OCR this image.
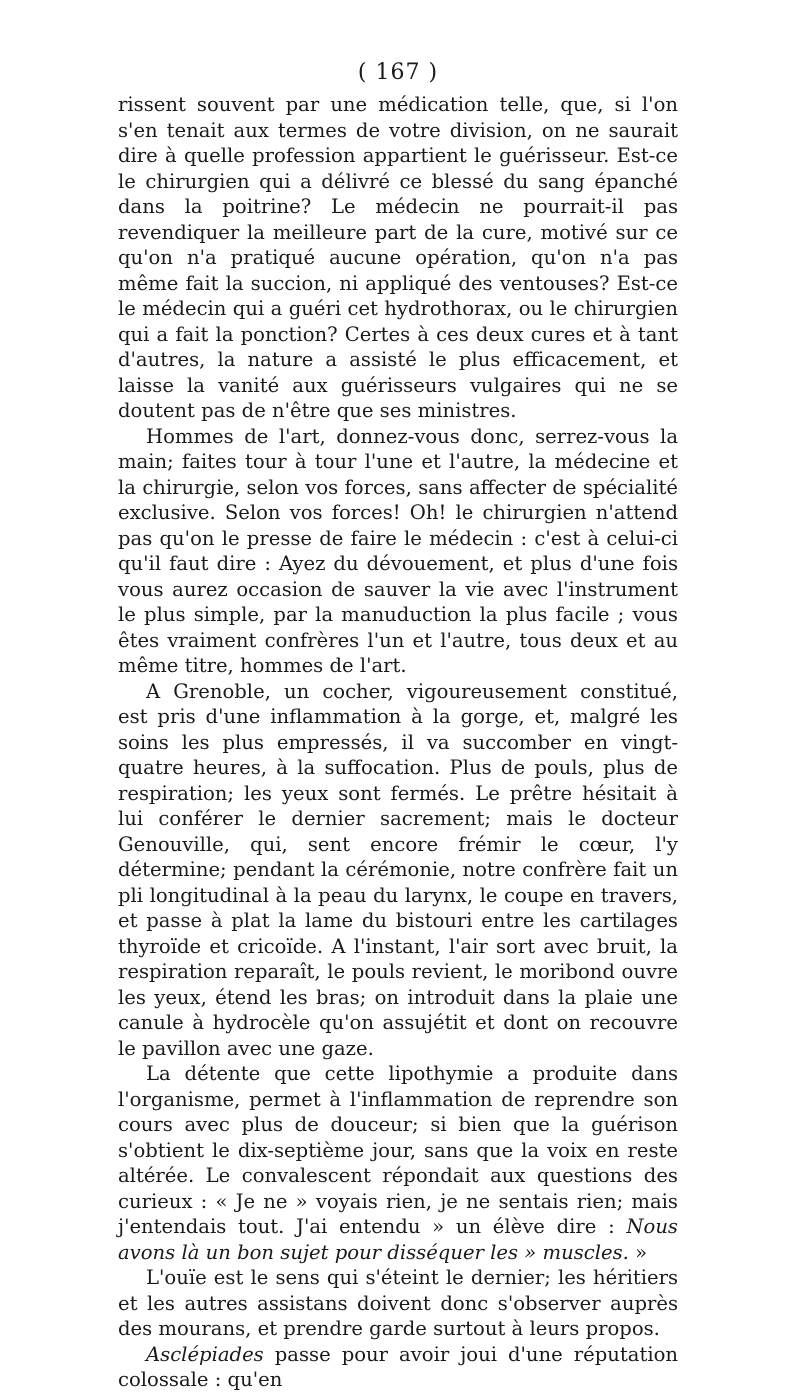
( 167 )

rissent souvent par une médication telle, que, si l'on s'en tenait aux termes de votre division, on ne saurait dire à quelle profession appartient le guérisseur. Est-ce le chirurgien qui a délivré ce blessé du sang épanché dans la poitrine? Le médecin ne pourrait-il pas revendiquer la meilleure part de la cure, motivé sur ce qu'on n'a pratiqué aucune opération, qu'on n'a pas même fait la succion, ni appliqué des ventouses? Est-ce le médecin qui a guéri cet hydrothorax, ou le chirurgien qui a fait la ponction? Certes à ces deux cures et à tant d'autres, la nature a assisté le plus efficacement, et laisse la vanité aux guérisseurs vulgaires qui ne se doutent pas de n'être que ses ministres.

Hommes de l'art, donnez-vous donc, serrez-vous la main; faites tour à tour l'une et l'autre, la médecine et la chirurgie, selon vos forces, sans affecter de spécialité exclusive. Selon vos forces! Oh! le chirurgien n'attend pas qu'on le presse de faire le médecin : c'est à celui-ci qu'il faut dire : Ayez du dévouement, et plus d'une fois vous aurez occasion de sauver la vie avec l'instrument le plus simple, par la manuduction la plus facile ; vous êtes vraiment confrères l'un et l'autre, tous deux et au même titre, hommes de l'art.

A Grenoble, un cocher, vigoureusement constitué, est pris d'une inflammation à la gorge, et, malgré les soins les plus empressés, il va succomber en vingt-quatre heures, à la suffocation. Plus de pouls, plus de respiration; les yeux sont fermés. Le prêtre hésitait à lui conférer le dernier sacrement; mais le docteur Genouville, qui, sent encore frémir le cœur, l'y détermine; pendant la cérémonie, notre confrère fait un pli longitudinal à la peau du larynx, le coupe en travers, et passe à plat la lame du bistouri entre les cartilages thyroïde et cricoïde. A l'instant, l'air sort avec bruit, la respiration reparaît, le pouls revient, le moribond ouvre les yeux, étend les bras; on introduit dans la plaie une canule à hydrocèle qu'on assujétit et dont on recouvre le pavillon avec une gaze.

La détente que cette lipothymie a produite dans l'organisme, permet à l'inflammation de reprendre son cours avec plus de douceur; si bien que la guérison s'obtient le dix-septième jour, sans que la voix en reste altérée. Le convalescent répondait aux questions des curieux : « Je ne » voyais rien, je ne sentais rien; mais j'entendais tout. J'ai entendu » un élève dire : Nous avons là un bon sujet pour disséquer les » muscles. »

L'ouïe est le sens qui s'éteint le dernier; les héritiers et les autres assistans doivent donc s'observer auprès des mourans, et prendre garde surtout à leurs propos.

Asclépiades passe pour avoir joui d'une réputation colossale : qu'en
